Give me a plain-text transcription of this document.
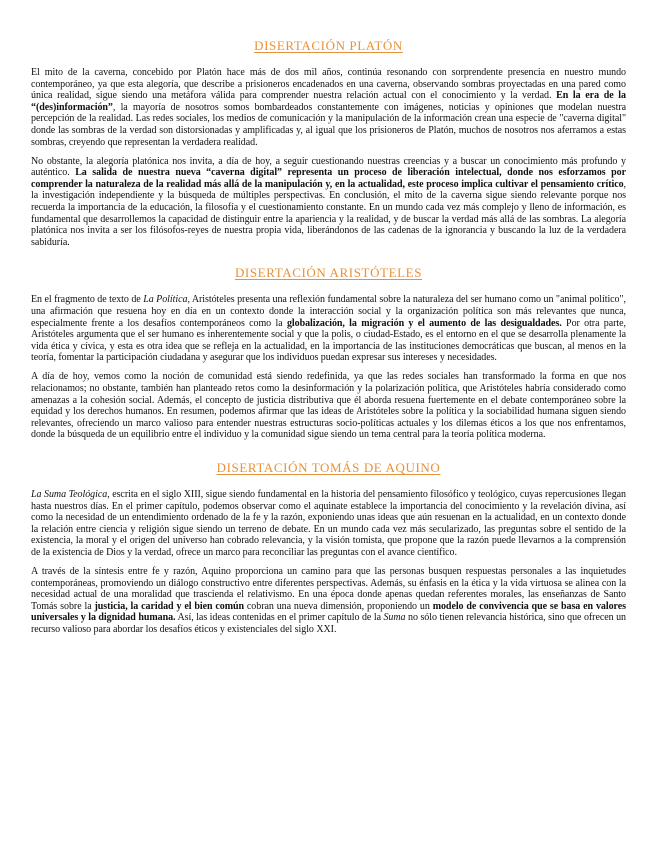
DISERTACIÓN PLATÓN

El mito de la caverna, concebido por Platón hace más de dos mil años, continúa resonando con sorprendente presencia en nuestro mundo contemporáneo, ya que esta alegoría, que describe a prisioneros encadenados en una caverna, observando sombras proyectadas en una pared como única realidad, sigue siendo una metáfora válida para comprender nuestra relación actual con el conocimiento y la verdad. En la era de la “(des)información”, la mayoría de nosotros somos bombardeados constantemente con imágenes, noticias y opiniones que modelan nuestra percepción de la realidad. Las redes sociales, los medios de comunicación y la manipulación de la información crean una especie de "caverna digital" donde las sombras de la verdad son distorsionadas y amplificadas y, al igual que los prisioneros de Platón, muchos de nosotros nos aferramos a estas sombras, creyendo que representan la verdadera realidad.

No obstante, la alegoría platónica nos invita, a día de hoy, a seguir cuestionando nuestras creencias y a buscar un conocimiento más profundo y auténtico. La salida de nuestra nueva “caverna digital” representa un proceso de liberación intelectual, donde nos esforzamos por comprender la naturaleza de la realidad más allá de la manipulación y, en la actualidad, este proceso implica cultivar el pensamiento crítico, la investigación independiente y la búsqueda de múltiples perspectivas. En conclusión, el mito de la caverna sigue siendo relevante porque nos recuerda la importancia de la educación, la filosofía y el cuestionamiento constante. En un mundo cada vez más complejo y lleno de información, es fundamental que desarrollemos la capacidad de distinguir entre la apariencia y la realidad, y de buscar la verdad más allá de las sombras. La alegoría platónica nos invita a ser los filósofos-reyes de nuestra propia vida, liberándonos de las cadenas de la ignorancia y buscando la luz de la verdadera sabiduría.

DISERTACIÓN ARISTÓTELES

En el fragmento de texto de La Política, Aristóteles presenta una reflexión fundamental sobre la naturaleza del ser humano como un "animal político", una afirmación que resuena hoy en día en un contexto donde la interacción social y la organización política son más relevantes que nunca, especialmente frente a los desafíos contemporáneos como la globalización, la migración y el aumento de las desigualdades. Por otra parte, Aristóteles argumenta que el ser humano es inherentemente social y que la polis, o ciudad-Estado, es el entorno en el que se desarrolla plenamente la vida ética y cívica, y esta es otra idea que se refleja en la actualidad, en la importancia de las instituciones democráticas que buscan, al menos en la teoría, fomentar la participación ciudadana y asegurar que los individuos puedan expresar sus intereses y necesidades.

A día de hoy, vemos como la noción de comunidad está siendo redefinida, ya que las redes sociales han transformado la forma en que nos relacionamos; no obstante, también han planteado retos como la desinformación y la polarización política, que Aristóteles habría considerado como amenazas a la cohesión social. Además, el concepto de justicia distributiva que él aborda resuena fuertemente en el debate contemporáneo sobre la equidad y los derechos humanos. En resumen, podemos afirmar que las ideas de Aristóteles sobre la política y la sociabilidad humana siguen siendo relevantes, ofreciendo un marco valioso para entender nuestras estructuras socio-políticas actuales y los dilemas éticos a los que nos enfrentamos, donde la búsqueda de un equilibrio entre el individuo y la comunidad sigue siendo un tema central para la teoría política moderna.

DISERTACIÓN TOMÁS DE AQUINO

La Suma Teológica, escrita en el siglo XIII, sigue siendo fundamental en la historia del pensamiento filosófico y teológico, cuyas repercusiones llegan hasta nuestros días. En el primer capítulo, podemos observar como el aquinate establece la importancia del conocimiento y la revelación divina, así como la necesidad de un entendimiento ordenado de la fe y la razón, exponiendo unas ideas que aún resuenan en la actualidad, en un contexto donde la relación entre ciencia y religión sigue siendo un terreno de debate. En un mundo cada vez más secularizado, las preguntas sobre el sentido de la existencia, la moral y el origen del universo han cobrado relevancia, y la visión tomista, que propone que la razón puede llevarnos a la comprensión de la existencia de Dios y la verdad, ofrece un marco para reconciliar las preguntas con el avance científico.

A través de la síntesis entre fe y razón, Aquino proporciona un camino para que las personas busquen respuestas personales a las inquietudes contemporáneas, promoviendo un diálogo constructivo entre diferentes perspectivas. Además, su énfasis en la ética y la vida virtuosa se alinea con la necesidad actual de una moralidad que trascienda el relativismo. En una época donde apenas quedan referentes morales, las enseñanzas de Santo Tomás sobre la justicia, la caridad y el bien común cobran una nueva dimensión, proponiendo un modelo de convivencia que se basa en valores universales y la dignidad humana. Así, las ideas contenidas en el primer capítulo de la Suma no sólo tienen relevancia histórica, sino que ofrecen un recurso valioso para abordar los desafíos éticos y existenciales del siglo XXI.
